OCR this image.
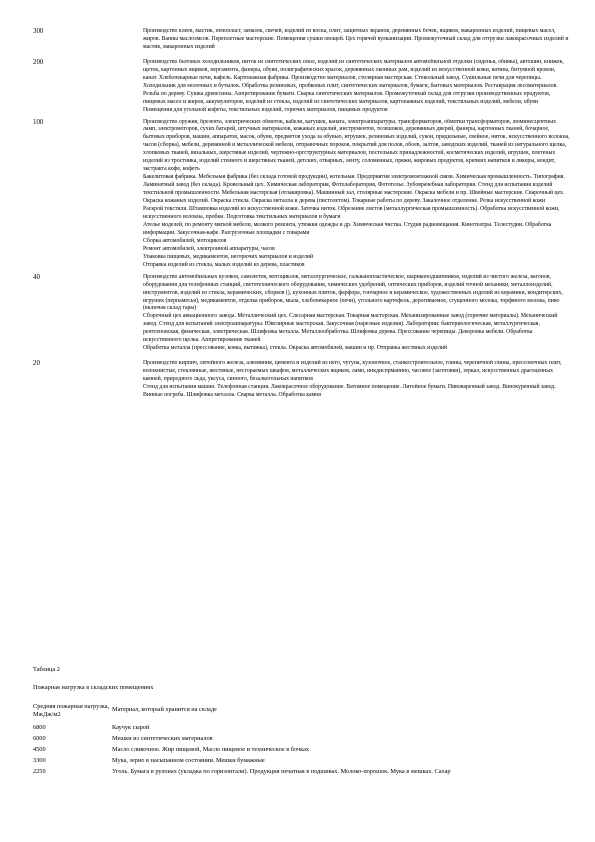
300	Производство клеев, мастик, пенопласт, замазок, свечей, изделий из воска, плит, защитных экранов, деревянных бочек, ящиков, макаронных изделий, пищевых масел, жиров. Ванны маслоэмсов. Переплетные мастерские. Помещения сушки овощей. Цех горячей вулканизации. Промежуточный склад для отгрузки лакокрасочных изделий и мастик, макаронных изделий

200	Производство бытовых холодильников, ниток из синтетических смол, изделий из синтетических материалов автомобильной отделки (сиденья, обивка), автошин, книжек, щеток, картонных ящиков, пергамента, фанеры, обуви, полиграфических красок, деревянных оконных рам, изделий из искусственной кожи, ватина, битумной кровли, канат. Хлебопекарные печи, вафель. Картонажная фабрика. Производство материалов, столярная мастерская. Стекольный завод. Сушильные печи для черепицы. Холодильник для молочных и бутылок. Обработка резиновых, пробковых плит, синтетических материалов, бумаги, бытовых материалов. Реставрация лесоматериалов. Резьба по дереву. Сушка древесины. Аппретирование бумаги. Сварка синтетических материалов. Промежуточный склад для отгрузки производственных продуктов, пищевых масел и жиров, аккумуляторов, изделий из стекла, изделий из синтетических материалов, картонажных изделий, текстильных изделий, мебели, обуви

Помещения для угольной кофеты, текстильных изделий, горючих материалов, пищевых продуктов

100	Производство оружия, брезента, электрических обмоток, кабели, катушек, каната, электроаппаратуры, трансформаторов, обмотки трансформаторов, люминесцентных ламп, электромоторов, сухих батарей, штучных материалов, кожаных изделий, инструментов, телешоков, деревянных дверей, фанеры, картонных тканей, бочарное, бытовых приборов, машин, аппаратов, масок, обуви, предметов ухода за обувью, игрушек, резиновых изделий, сукон, прядильные, свейное, ниток, искусственного волокна, часов (сборка), мебели, деревянной и металлической мебели, отправочных пороков, покрытий для полов, обоев, залтов, заводских изделий, тканей из натурального щелка, хлопковых тканей, вязальных, шерстяные изделий, чертежно-оргструктурных материалов, постельных принадлежностей, косметических изделий, игрушек, плетеных изделий из тростника, изделий стенного и шерстяных тканей, детских, отварных, ленту, соломенных, пряжи, жировых продуктов, крепких напитков и ликеры, кондит, экстракта кофе, кофеть

Бакелитовая фабрика. Мебельная фабрика (без склада готовой продукции), котельная. Предприятия электромонтажной связи. Химическая промышленность. Типография. Ламинатный завод (без склада). Кровельный цех. Химическая лаборатория, Фотолаборатория, Фототелье. Зубоврачебная лаборатория. Стенд для испытания изделий текстильной промышленности. Мебельная мастерская (отлакировка). Машинный зал, столярные мастерские. Окраска мебели и пр. Швейные мастерские. Сварочный цех. Окраска кожаных изделий. Окраска стекла. Окраска металла и дерева (пистолетом). Токарные работы по дереву. Закалочное отделение. Резка искусственной кожи

Раскрой текстиля. Штамповка изделий из искусственной кожи. Заточка ниток. Обрезание листов (металлургическая промышленность). Обработка искусственной кожи, искусственного волокна, пробки. Подготовка текстильных материалов и бумаги

Ателье моделей, по ремонту мягкой мебели, мелкого ремонта, утюжки одежды и др. Химическая чистка. Студия радиовещания. Кинотеатры. Телестудии. Обработка информации. Закусочная-кафе. Разгрузочные площадки с товарами

Сборка автомобилей, мотоциклов

Ремонт автомобилей, электронной аппаратуры, часов

Упаковка пищевых, медикаментов, негорючих материалов и изделий

Отправка изделий из стекла, малых изделий из дерева, пластиков

40	Производство автомобильных кузовов, самолетов, мотоциклов, металлургическое, гальванопластическое, шарикоподшипников, изделий из чистого железа, вагонов, оборудования для телефонных станций, светотехнического оборудования, химических удобрений, оптических приборов, изделий точной механики, металлоизделий, инструментов, изделий из стекла, керамических, сборков (), кухонных плиток, фарфора, гончарное и керамическое, художественных изделий из керамики, кондитерских, игрушек (перпамесья), медикаментов, отделка приборов, мыла, хлебопекарное (печи), угольного картофель, дерогиваемое, сгущенного молока, торфяного молока, пиво (включая склад тары)

Сборочный цех авиационного завода. Металлический цех. Слесарная мастерская. Токарная мастерская. Механизированные завод (горючие материалы). Механический завод. Стенд для испытаний электроаппаратуры. Ювелирные мастерская. Закусочная (нарезные изделия). Лаборатории: бактериологическая, металлургическая, рентгеновская, физическая, электрическая. Шлифовка металла. Металлообработка. Шлифовка дерева. Прессование черепицы. Декоровка мебели. Обработка искусственного щелка. Аппретирование тканей

Обработка металла (прессование, ковка, вытяжка), стекла. Окраска автомобилей, машин и пр. Отправка жестяных изделий

20	Производство кирпич, литейного железа, алюминия, цемента и изделий из него, чугуна, кузовочное, станкостроительное, глины, черепичной глины, прессовочных плит, волокнистые, стеклянные, жестяные, несгораемых шкафов, металлических ящиков, ламп, инкдиспрманино, часовое (заготовки), зеркал, искусственных драгоценных камней, природного льда, уксуса, синного, безалкогольных напитков

Стенд для испытания машин. Телефонная станция. Лакокрасочное оборудование. Ватомное помещение. Литейное бумаги. Пивоваренный завод. Винокуренный завод. Винные погреба. Шлифовка металла. Сварка металла. Обработка камня

Таблица 2
Пожарная нагрузка в складских помещениях
Средняя пожарная нагрузка, МжДж/м2
Материал, который хранится на складе
6800	Каучук сырой
6000	Мешки из синтетических материалов
4500	Масло сливочное. Жир пищевой, Масло пищевое и техническое в бочках
3300	Мука, зерно в насыпанном состоянии. Мешки бумажные
2250	Уголь. Бумага в рулонах (укладка по горизонтали). Продукция печатная в подшивах. Молоко-порошок. Мука в мешках. Сахар
